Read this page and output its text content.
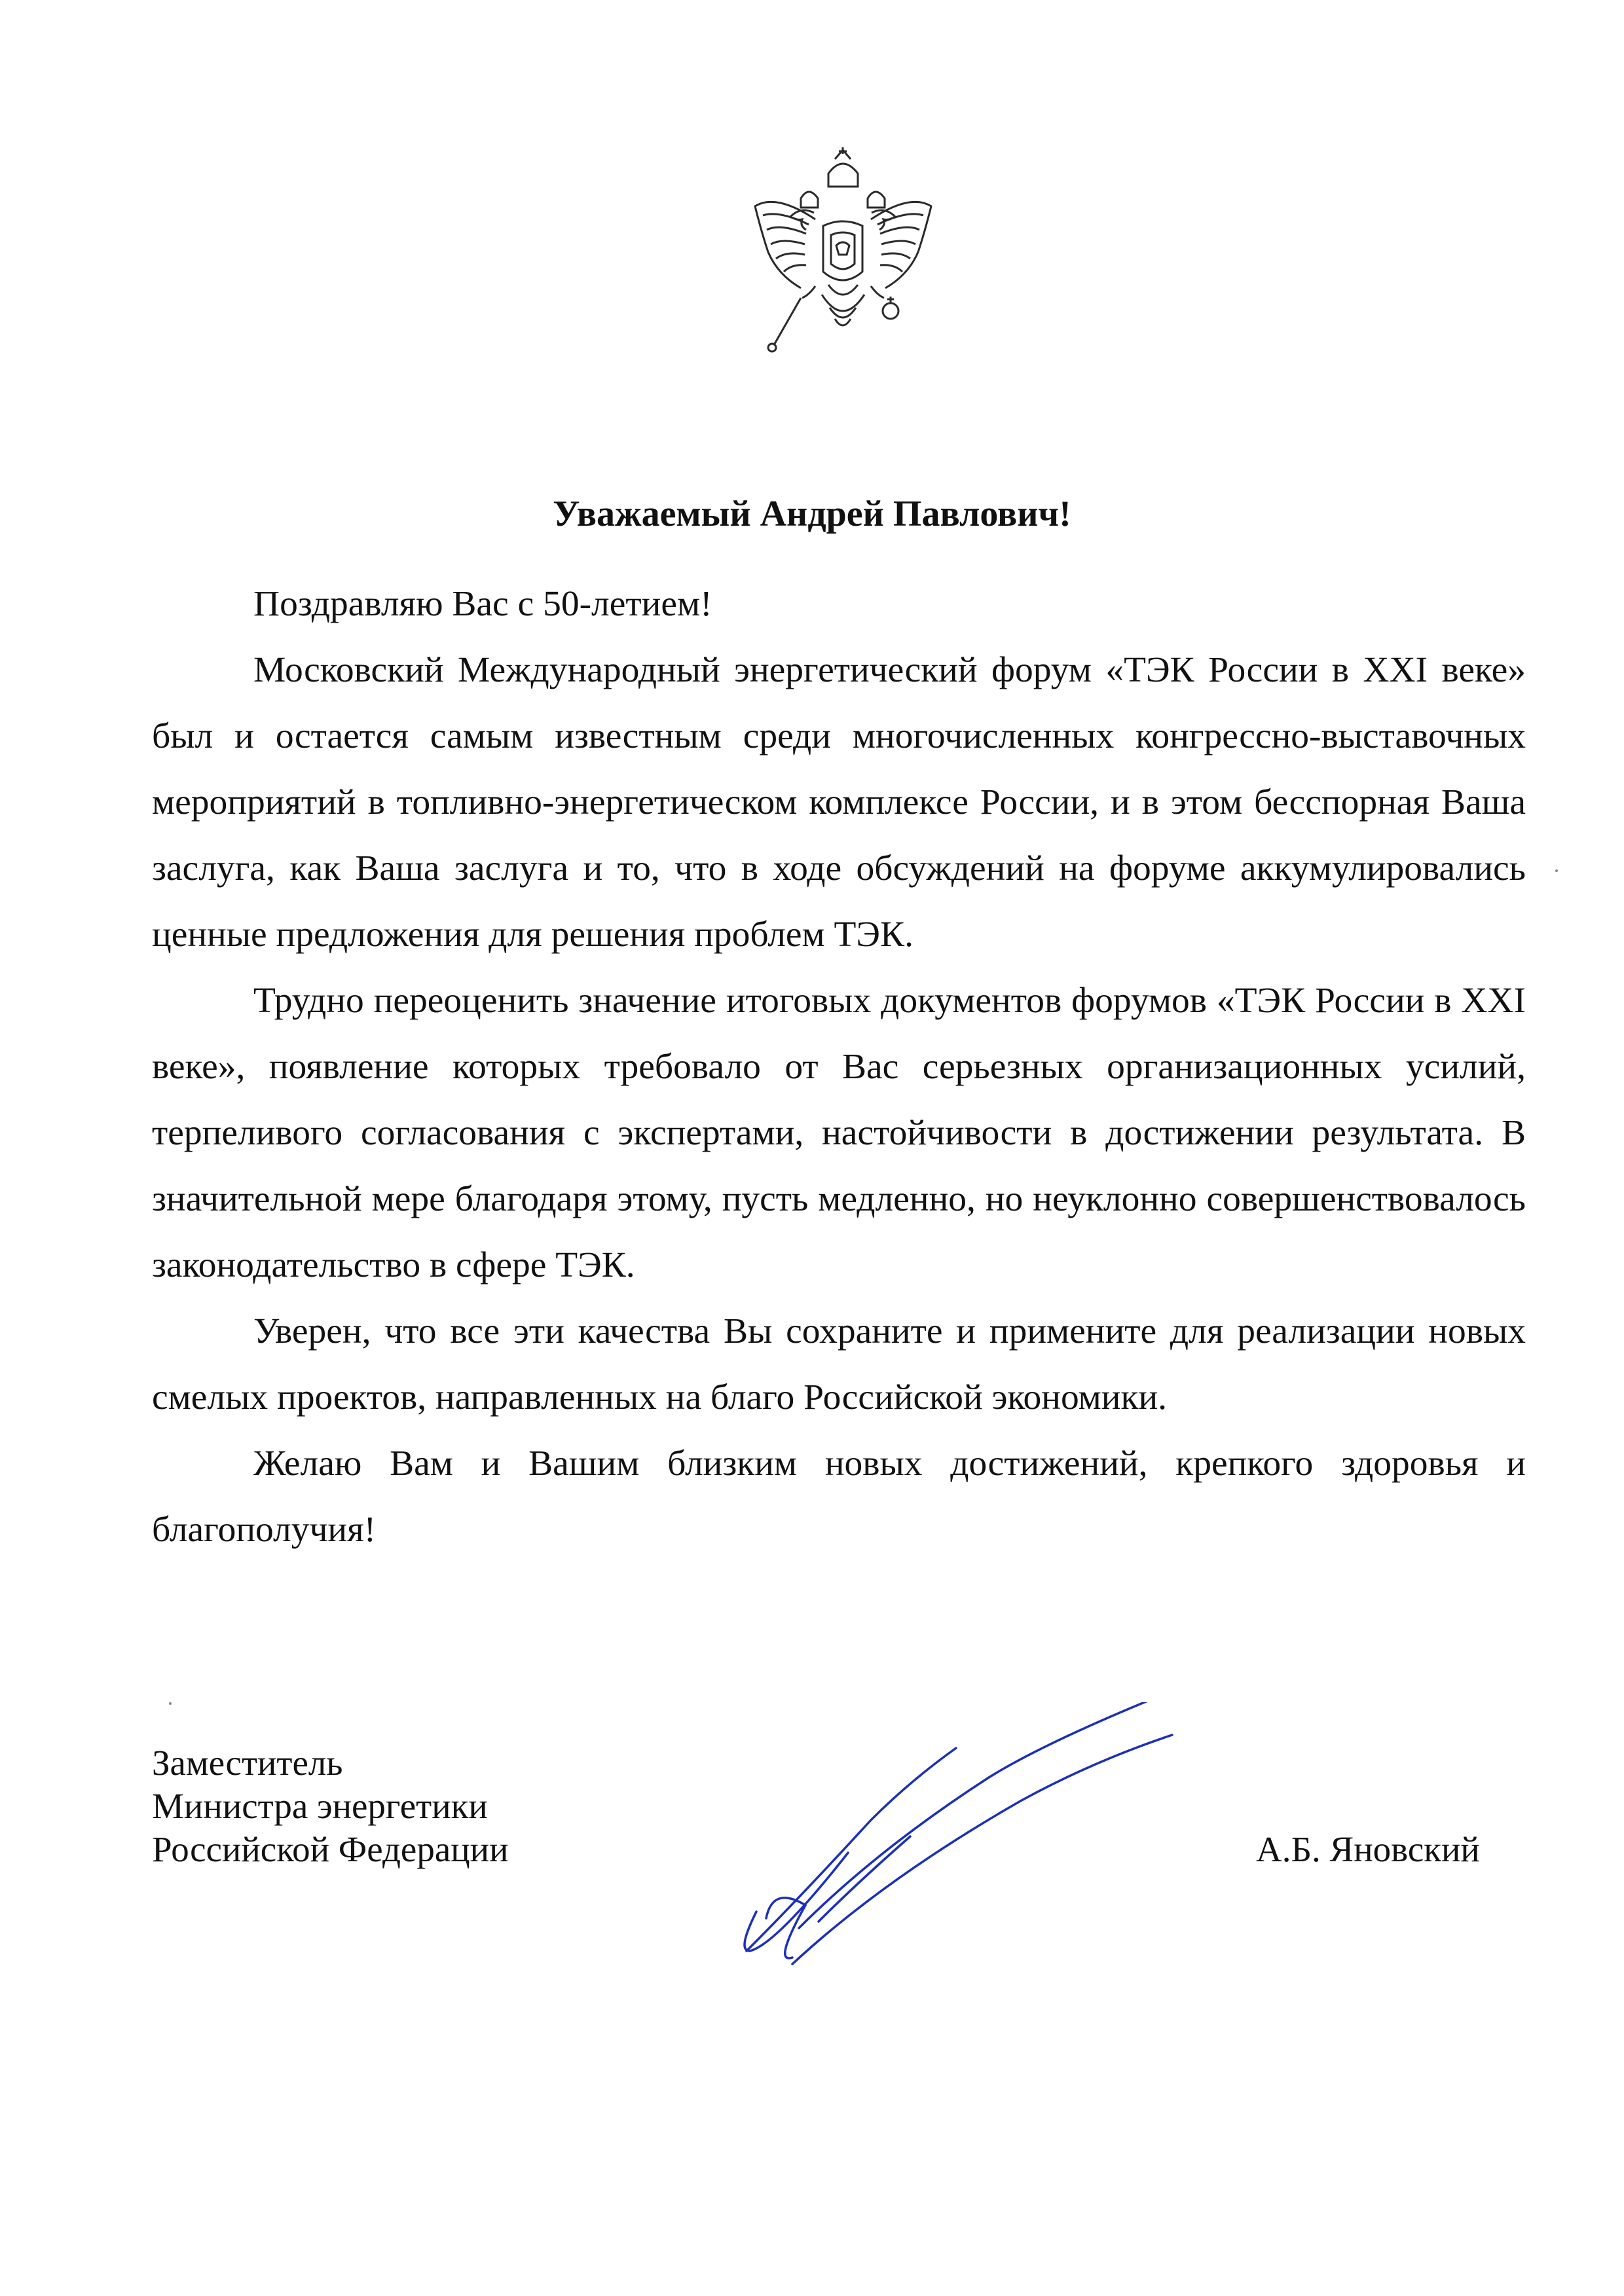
Уважаемый Андрей Павлович!

Поздравляю Вас с 50-летием!

Московский Международный энергетический форум «ТЭК России в XXI веке» был и остается самым известным среди многочисленных конгрессно-выставочных мероприятий в топливно-энергетическом комплексе России, и в этом бесспорная Ваша заслуга, как Ваша заслуга и то, что в ходе обсуждений на форуме аккумулировались ценные предложения для решения проблем ТЭК.

Трудно переоценить значение итоговых документов форумов «ТЭК России в XXI веке», появление которых требовало от Вас серьезных организационных усилий, терпеливого согласования с экспертами, настойчивости в достижении результата. В значительной мере благодаря этому, пусть медленно, но неуклонно совершенствовалось законодательство в сфере ТЭК.

Уверен, что все эти качества Вы сохраните и примените для реализации новых смелых проектов, направленных на благо Российской экономики.

Желаю Вам и Вашим близким новых достижений, крепкого здоровья и благополучия!

Заместитель
Министра энергетики
Российской Федерации	А.Б. Яновский
